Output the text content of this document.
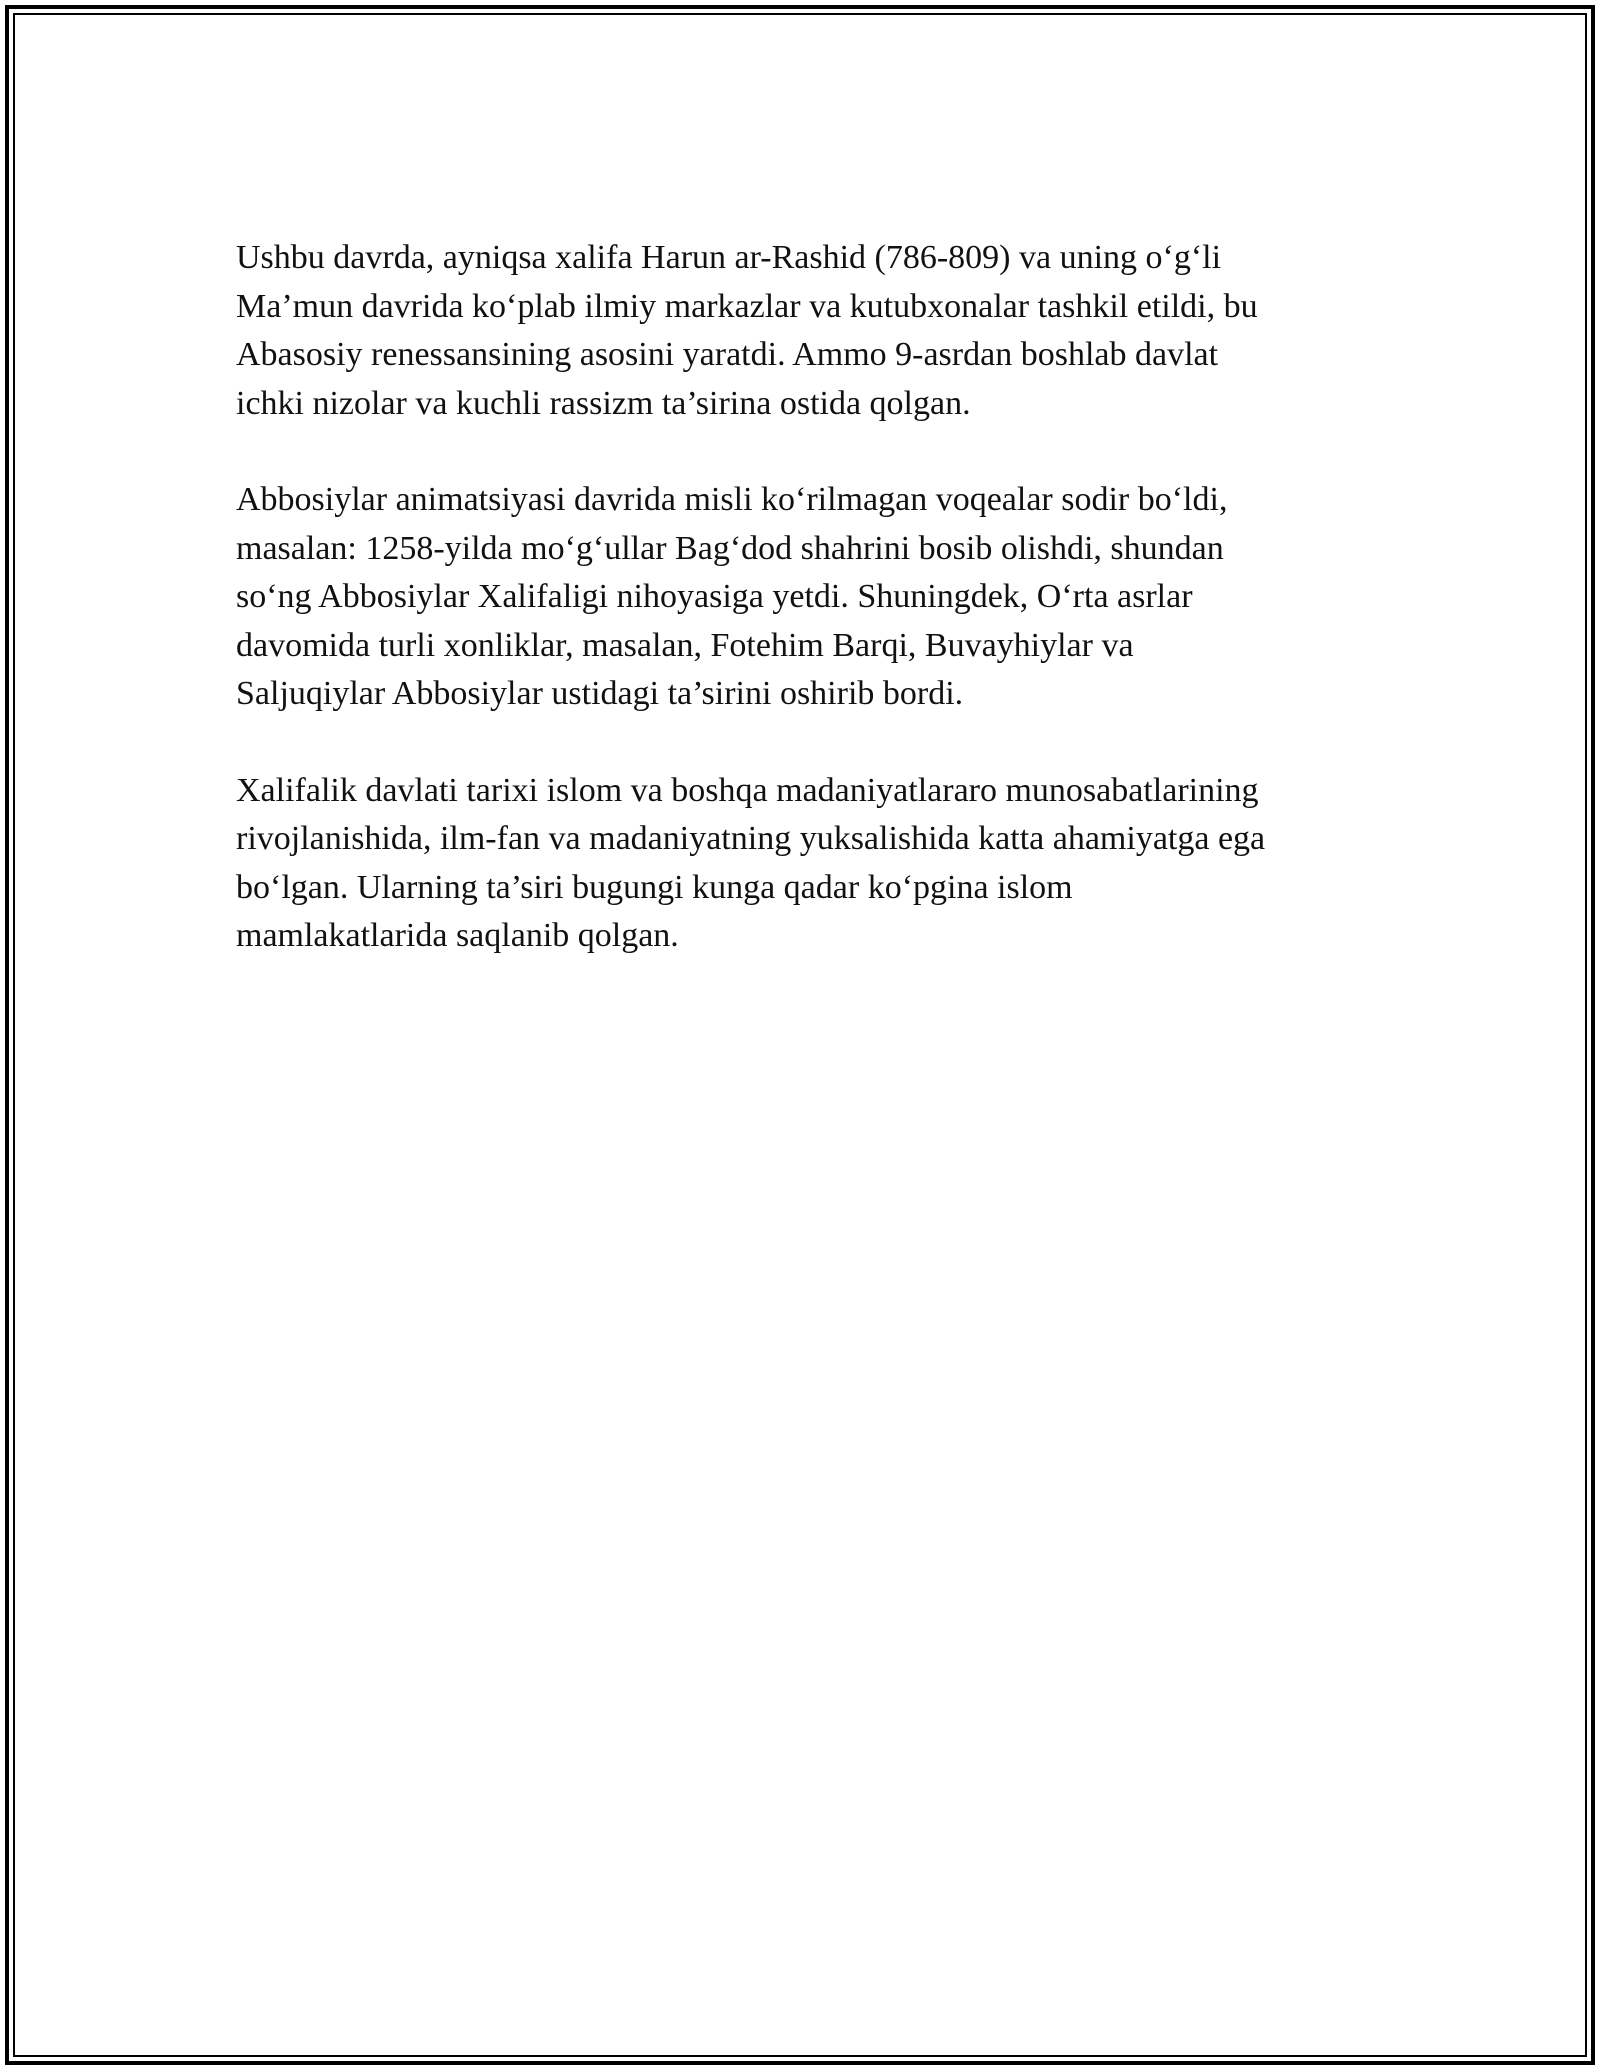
Ushbu davrda, ayniqsa xalifa Harun ar-Rashid (786-809) va uning o‘g‘li
Ma’mun davrida ko‘plab ilmiy markazlar va kutubxonalar tashkil etildi, bu
Abasosiy renessansining asosini yaratdi. Ammo 9-asrdan boshlab davlat
ichki nizolar va kuchli rassizm ta’sirina ostida qolgan.

Abbosiylar animatsiyasi davrida misli ko‘rilmagan voqealar sodir bo‘ldi,
masalan: 1258-yilda mo‘g‘ullar Bag‘dod shahrini bosib olishdi, shundan
so‘ng Abbosiylar Xalifaligi nihoyasiga yetdi. Shuningdek, O‘rta asrlar
davomida turli xonliklar, masalan, Fotehim Barqi, Buvayhiylar va
Saljuqiylar Abbosiylar ustidagi ta’sirini oshirib bordi.

Xalifalik davlati tarixi islom va boshqa madaniyatlararo munosabatlarining
rivojlanishida, ilm-fan va madaniyatning yuksalishida katta ahamiyatga ega
bo‘lgan. Ularning ta’siri bugungi kunga qadar ko‘pgina islom
mamlakatlarida saqlanib qolgan.
